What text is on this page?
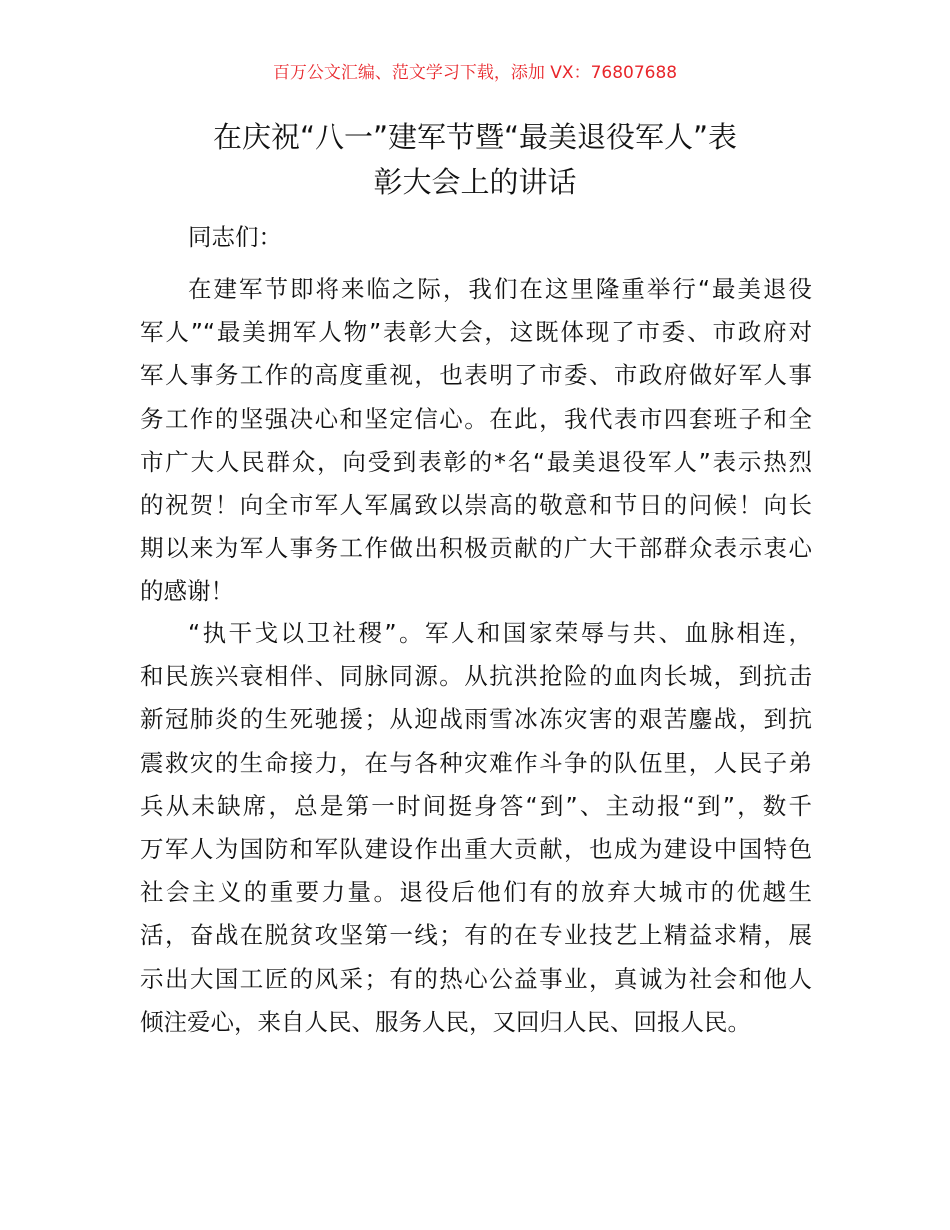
百万公文汇编、范文学习下载，添加 VX：76807688
在庆祝“八一”建军节暨“最美退役军人”表
彰大会上的讲话
同志们：
在建军节即将来临之际，我们在这里隆重举行“最美退役
军人”“最美拥军人物”表彰大会，这既体现了市委、市政府对
军人事务工作的高度重视，也表明了市委、市政府做好军人事
务工作的坚强决心和坚定信心。在此，我代表市四套班子和全
市广大人民群众，向受到表彰的*名“最美退役军人”表示热烈
的祝贺！向全市军人军属致以崇高的敬意和节日的问候！向长
期以来为军人事务工作做出积极贡献的广大干部群众表示衷心
的感谢！
“执干戈以卫社稷”。军人和国家荣辱与共、血脉相连，
和民族兴衰相伴、同脉同源。从抗洪抢险的血肉长城，到抗击
新冠肺炎的生死驰援；从迎战雨雪冰冻灾害的艰苦鏖战，到抗
震救灾的生命接力，在与各种灾难作斗争的队伍里，人民子弟
兵从未缺席，总是第一时间挺身答“到”、主动报“到”，数千
万军人为国防和军队建设作出重大贡献，也成为建设中国特色
社会主义的重要力量。退役后他们有的放弃大城市的优越生
活，奋战在脱贫攻坚第一线；有的在专业技艺上精益求精，展
示出大国工匠的风采；有的热心公益事业，真诚为社会和他人
倾注爱心，来自人民、服务人民，又回归人民、回报人民。
